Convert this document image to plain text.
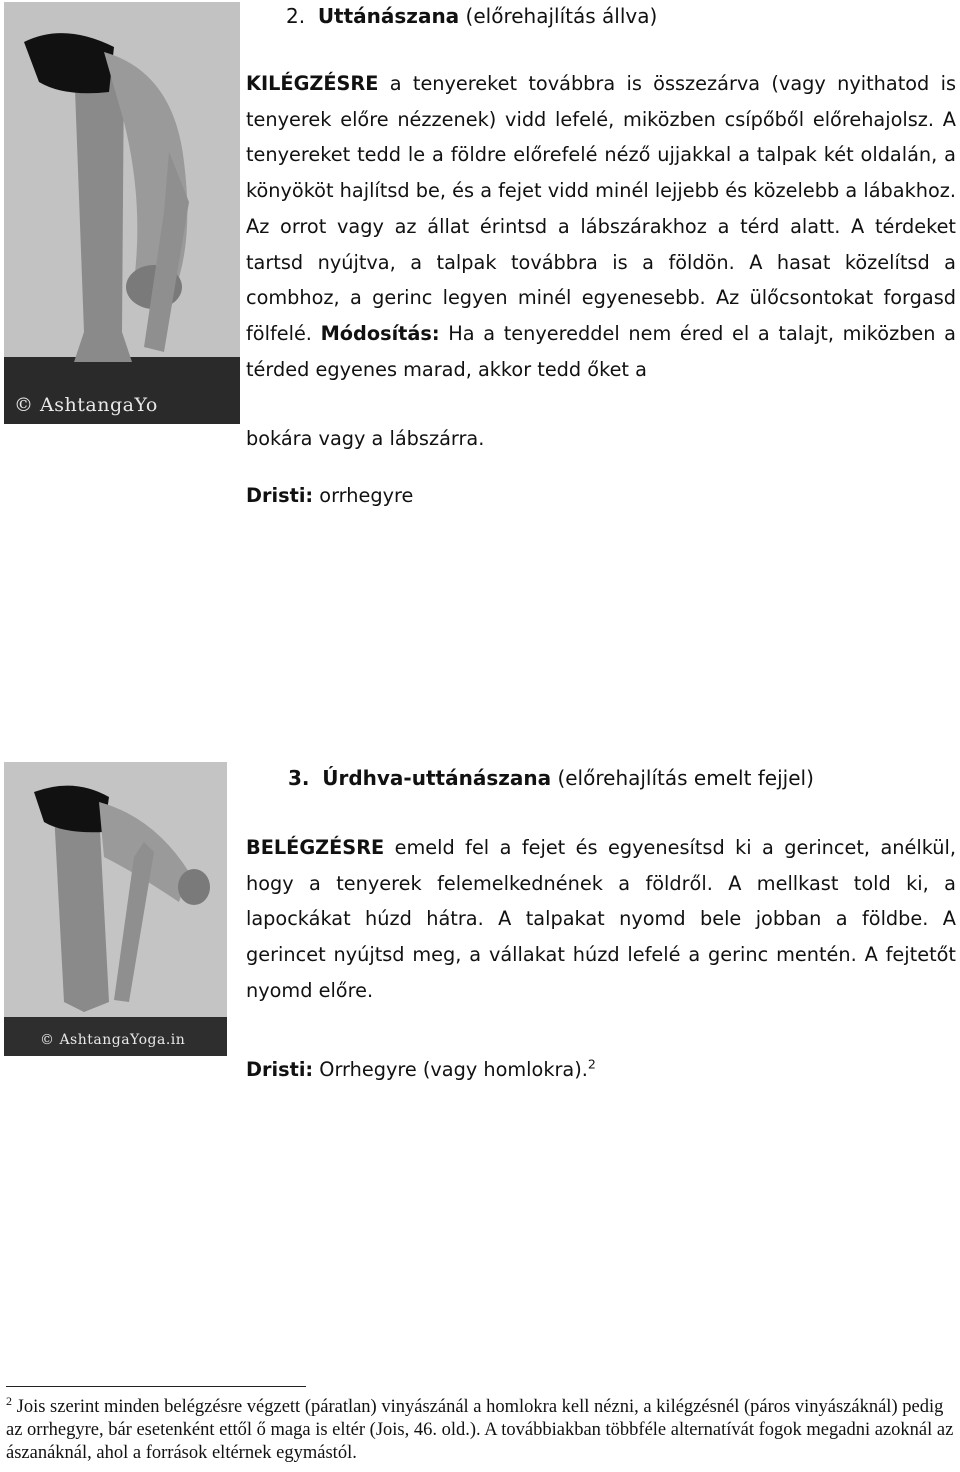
© AshtangaYo
2. Uttánászana (előrehajlítás állva)

KILÉGZÉSRE a tenyereket továbbra is összezárva (vagy nyithatod is tenyerek előre nézzenek) vidd lefelé, miközben csípőből előrehajolsz. A tenyereket tedd le a földre előrefelé néző ujjakkal a talpak két oldalán, a könyököt hajlítsd be, és a fejet vidd minél lejjebb és közelebb a lábakhoz. Az orrot vagy az állat érintsd a lábszárakhoz a térd alatt. A térdeket tartsd nyújtva, a talpak továbbra is a földön. A hasat közelítsd a combhoz, a gerinc legyen minél egyenesebb. Az ülőcsontokat forgasd fölfelé. Módosítás: Ha a tenyereddel nem éred el a talajt, miközben a térded egyenes marad, akkor tedd őket a

bokára vagy a lábszárra.

Dristi: orrhegyre

© AshtangaYoga.in
3. Úrdhva-uttánászana (előrehajlítás emelt fejjel)

BELÉGZÉSRE emeld fel a fejet és egyenesítsd ki a gerincet, anélkül, hogy a tenyerek felemelkednének a földről. A mellkast told ki, a lapockákat húzd hátra. A talpakat nyomd bele jobban a földbe. A gerincet nyújtsd meg, a vállakat húzd lefelé a gerinc mentén. A fejtetőt nyomd előre.

Dristi: Orrhegyre (vagy homlokra).$^2$

$^2$ Jois szerint minden belégzésre végzett (páratlan) vinyászánál a homlokra kell nézni, a kilégzésnél (páros vinyászáknál) pedig az orrhegyre, bár esetenként ettől ő maga is eltér (Jois, 46. old.). A továbbiakban többféle alternatívát fogok megadni azoknál az ászanáknál, ahol a források eltérnek egymástól.
